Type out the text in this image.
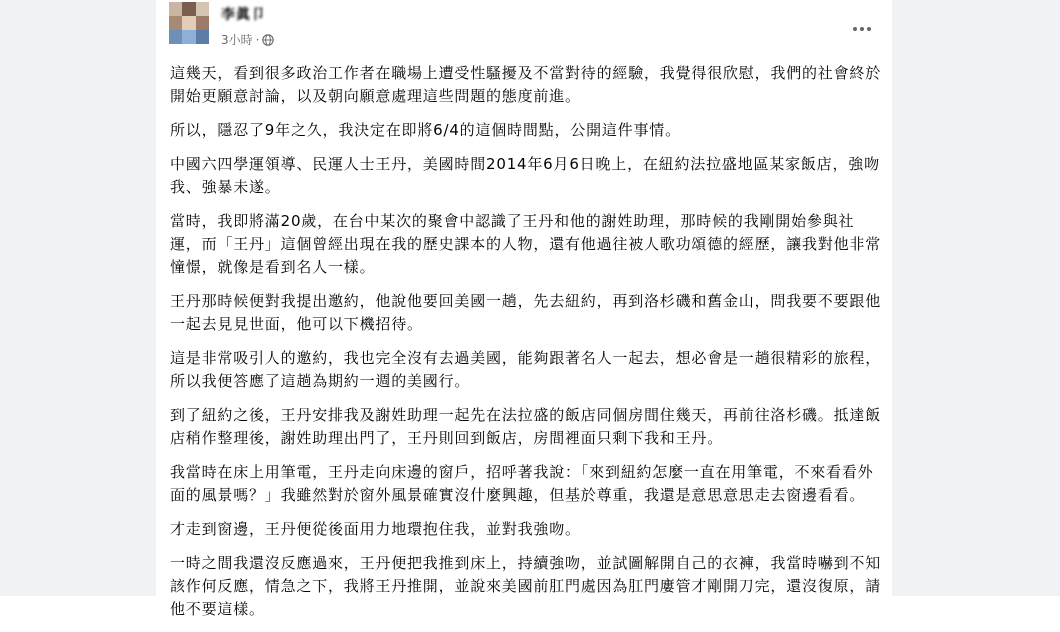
李眞卩
3小時 ·

這幾天，看到很多政治工作者在職場上遭受性騷擾及不當對待的經驗，我覺得很欣慰，我們的社會終於開始更願意討論，以及朝向願意處理這些問題的態度前進。

所以，隱忍了9年之久，我決定在即將6/4的這個時間點，公開這件事情。

中國六四學運領導、民運人士王丹，美國時間2014年6月6日晚上，在紐約法拉盛地區某家飯店，強吻我、強暴未遂。

當時，我即將滿20歲，在台中某次的聚會中認識了王丹和他的謝姓助理，那時候的我剛開始參與社運，而「王丹」這個曾經出現在我的歷史課本的人物，還有他過往被人歌功頌德的經歷，讓我對他非常憧憬，就像是看到名人一樣。

王丹那時候便對我提出邀約，他說他要回美國一趟，先去紐約，再到洛杉磯和舊金山，問我要不要跟他一起去見見世面，他可以下機招待。

這是非常吸引人的邀約，我也完全沒有去過美國，能夠跟著名人一起去，想必會是一趟很精彩的旅程，所以我便答應了這趟為期約一週的美國行。

到了紐約之後，王丹安排我及謝姓助理一起先在法拉盛的飯店同個房間住幾天，再前往洛杉磯。抵達飯店稍作整理後，謝姓助理出門了，王丹則回到飯店，房間裡面只剩下我和王丹。

我當時在床上用筆電，王丹走向床邊的窗戶，招呼著我說：「來到紐約怎麼一直在用筆電，不來看看外面的風景嗎？」我雖然對於窗外風景確實沒什麼興趣，但基於尊重，我還是意思意思走去窗邊看看。

才走到窗邊，王丹便從後面用力地環抱住我，並對我強吻。

一時之間我還沒反應過來，王丹便把我推到床上，持續強吻，並試圖解開自己的衣褲，我當時嚇到不知該作何反應，情急之下，我將王丹推開，並說來美國前肛門處因為肛門廔管才剛開刀完，還沒復原，請他不要這樣。
